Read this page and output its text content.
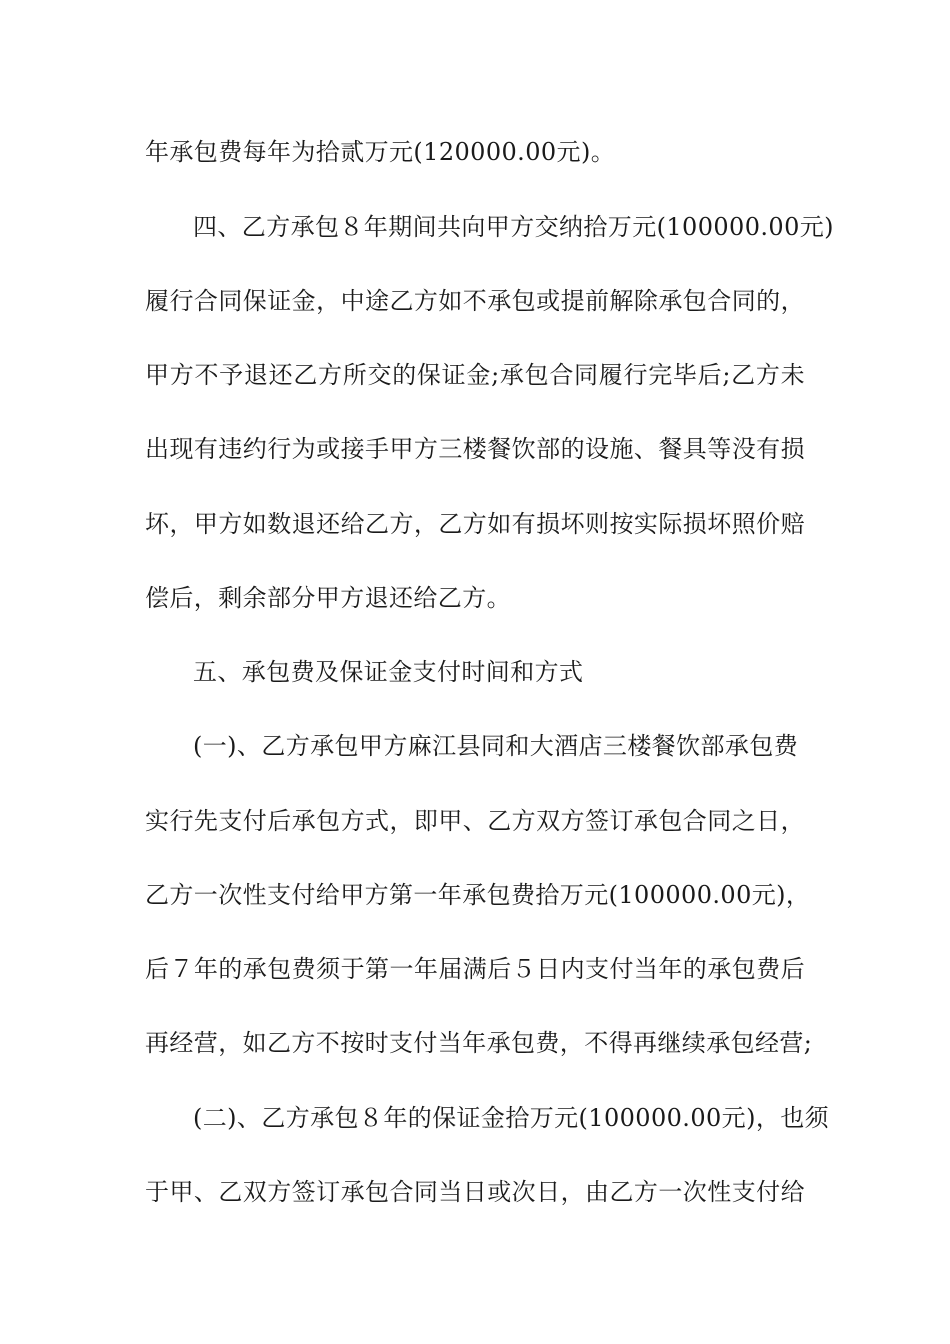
年承包费每年为拾贰万元(120000.00元)。

四、乙方承包８年期间共向甲方交纳拾万元(100000.00元)

履行合同保证金，中途乙方如不承包或提前解除承包合同的，

甲方不予退还乙方所交的保证金;承包合同履行完毕后;乙方未

出现有违约行为或接手甲方三楼餐饮部的设施、餐具等没有损

坏，甲方如数退还给乙方，乙方如有损坏则按实际损坏照价赔

偿后，剩余部分甲方退还给乙方。

五、承包费及保证金支付时间和方式

(一)、乙方承包甲方麻江县同和大酒店三楼餐饮部承包费

实行先支付后承包方式，即甲、乙方双方签订承包合同之日，

乙方一次性支付给甲方第一年承包费拾万元(100000.00元)，

后７年的承包费须于第一年届满后５日内支付当年的承包费后

再经营，如乙方不按时支付当年承包费，不得再继续承包经营;

(二)、乙方承包８年的保证金拾万元(100000.00元)，也须

于甲、乙双方签订承包合同当日或次日，由乙方一次性支付给
